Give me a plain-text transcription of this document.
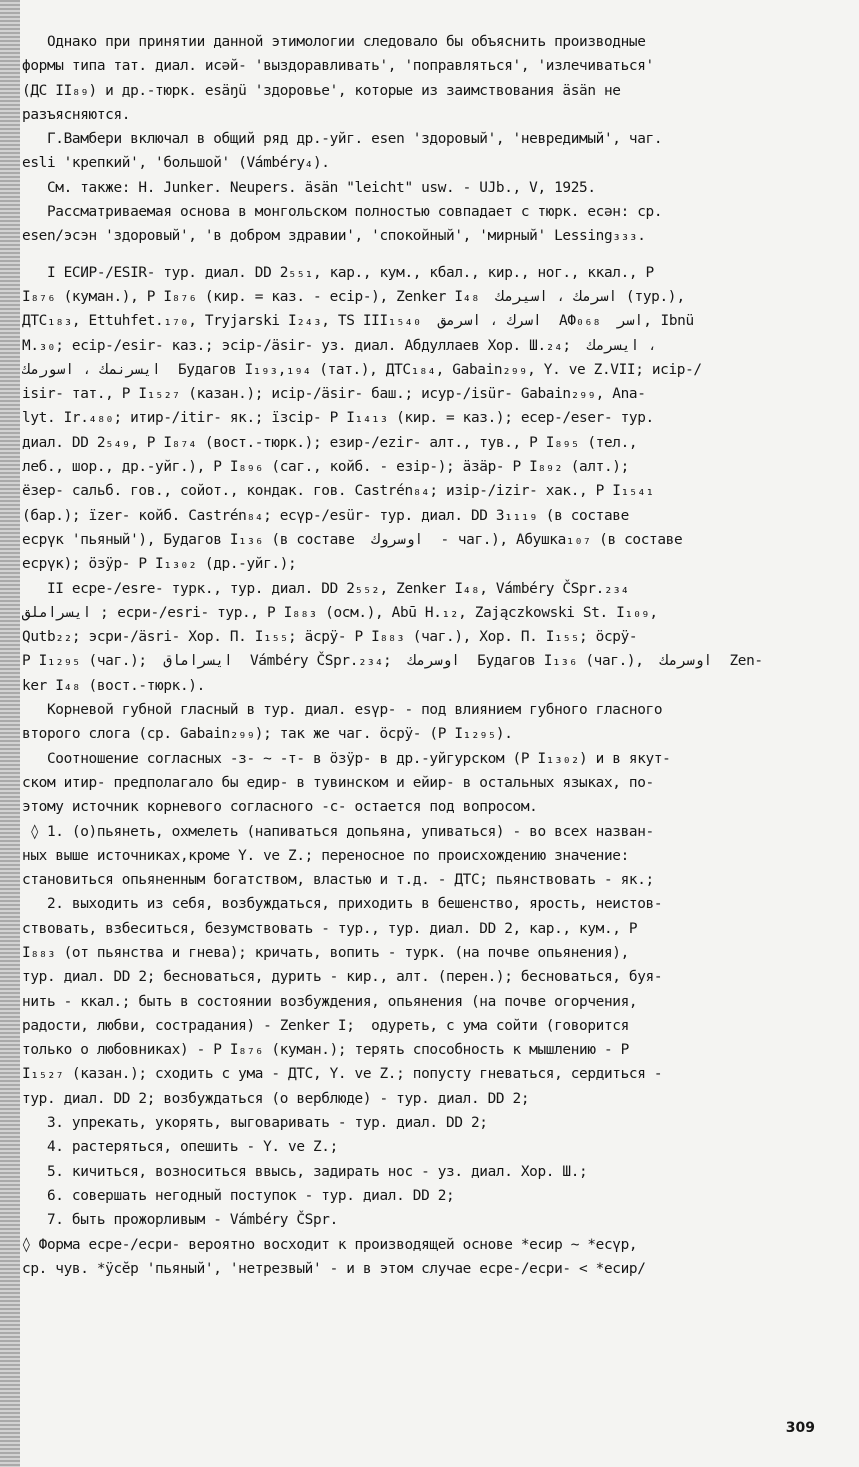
Однако при принятии данной этимологии следовало бы объяснить производные
формы типа тат. диал. исәй- 'выздоравливать', 'поправляться', 'излечиваться'
(ДС II₈₉) и др.-тюрк. esäŋü 'здоровье', которые из заимствования äsän не
разъясняются.
Г.Вамбери включал в общий ряд др.-уйг. esen 'здоровый', 'невредимый', чаг.
esli 'крепкий', 'большой' (Vámbéry₄).
См. также: H. Junker. Neupers. äsän "leicht" usw. - UJb., V, 1925.
Рассматриваемая основа в монгольском полностью совпадает с тюрк. есән: ср.
esen/эсэн 'здоровый', 'в добром здравии', 'спокойный', 'мирный' Lessing₃₃₃.
I ЕСИР-/ESIR- тур. диал. DD 2₅₅₁, кар., кум., кбал., кир., ног., ккал., Р
I₈₇₆ (куман.), Р I₈₇₆ (кир. = каз. - есір-), Zenker I₄₈  اسرمك ، اسيرمك (тур.),
ДТС₁₈₃, Ettuhfet.₁₇₀, Tryjarski I₂₄₃, TS III₁₅₄₀  اسرك ، اسرمق  АФ₀₆₈  اسر, Ibnü
M.₃₀; есір-/esir- каз.; эсір-/äsir- уз. диал. Абдуллаев Хор. Ш.₂₄;  ايسرمك ،
ايسرنمك ، اسورمك  Будагов I₁₉₃,₁₉₄ (тат.), ДТС₁₈₄, Gabain₂₉₉, Y. ve Z.VII; исір-/
isir- тат., Р I₁₅₂₇ (казан.); исір-/äsir- баш.; исур-/isür- Gabain₂₉₉, Ana-
lyt. Ir.₄₈₀; итир-/itir- як.; ïзcip- Р I₁₄₁₃ (кир. = каз.); есер-/eser- тур.
диал. DD 2₅₄₉, Р I₈₇₄ (вост.-тюрк.); езир-/ezir- алт., тув., Р I₈₉₅ (тел.,
леб., шор., др.-уйг.), Р I₈₉₆ (саг., койб. - езір-); äзäр- Р I₈₉₂ (алт.);
ёзер- сальб. гов., сойот., кондак. гов. Castrén₈₄; изір-/izir- хак., Р I₁₅₄₁
(бар.); ïzer- койб. Castrén₈₄; есүр-/esür- тур. диал. DD 3₁₁₁₉ (в составе
есрүк 'пьяный'), Будагов I₁₃₆ (в составе  اوسروك  - чаг.), Абушка₁₀₇ (в составе
есрүк); öзÿр- Р I₁₃₀₂ (др.-уйг.);
II есре-/esre- турк., тур. диал. DD 2₅₅₂, Zenker I₄₈, Vámbéry ČSpr.₂₃₄
ايسراملق ; есри-/esri- тур., Р I₈₈₃ (осм.), Abū H.₁₂, Zajączkowski St. I₁₀₉,
Qutb₂₂; эсри-/äsri- Хор. П. I₁₅₅; äсрÿ- Р I₈₈₃ (чаг.), Хор. П. I₁₅₅; öсрÿ-
Р I₁₂₉₅ (чаг.);  ايسراماق  Vámbéry ČSpr.₂₃₄;  اوسرمك  Будагов I₁₃₆ (чаг.),  اوسرمك  Zen-
ker I₄₈ (вост.-тюрк.).
Корневой губной гласный в тур. диал. esүр- - под влиянием губного гласного
второго слога (ср. Gabain₂₉₉); так же чаг. öсрÿ- (Р I₁₂₉₅).
Соотношение согласных -з- ~ -т- в öзÿр- в др.-уйгурском (Р I₁₃₀₂) и в якут-
ском итир- предполагало бы едир- в тувинском и ейир- в остальных языках, по-
этому источник корневого согласного -с- остается под вопросом.
◊ 1. (о)пьянеть, охмелеть (напиваться допьяна, упиваться) - во всех назван-
ных выше источниках,кроме Y. ve Z.; переносное по происхождению значение:
становиться опьяненным богатством, властью и т.д. - ДТС; пьянствовать - як.;
2. выходить из себя, возбуждаться, приходить в бешенство, ярость, неистов-
ствовать, взбеситься, безумствовать - тур., тур. диал. DD 2, кар., кум., Р
I₈₈₃ (от пьянства и гнева); кричать, вопить - турк. (на почве опьянения),
тур. диал. DD 2; бесноваться, дурить - кир., алт. (перен.); бесноваться, буя-
нить - ккал.; быть в состоянии возбуждения, опьянения (на почве огорчения,
радости, любви, сострадания) - Zenker I;  одуреть, с ума сойти (говорится
только о любовниках) - Р I₈₇₆ (куман.); терять способность к мышлению - Р
I₁₅₂₇ (казан.); сходить с ума - ДТС, Y. ve Z.; попусту гневаться, сердиться -
тур. диал. DD 2; возбуждаться (о верблюде) - тур. диал. DD 2;
3. упрекать, укорять, выговаривать - тур. диал. DD 2;
4. растеряться, опешить - Y. ve Z.;
5. кичиться, возноситься ввысь, задирать нос - уз. диал. Хор. Ш.;
6. совершать негодный поступок - тур. диал. DD 2;
7. быть прожорливым - Vámbéry ČSpr.
◊ Форма есре-/есри- вероятно восходит к производящей основе *есир ~ *есүр,
ср. чув. *ÿсӗр 'пьяный', 'нетрезвый' - и в этом случае есре-/есри- < *есир/
309
